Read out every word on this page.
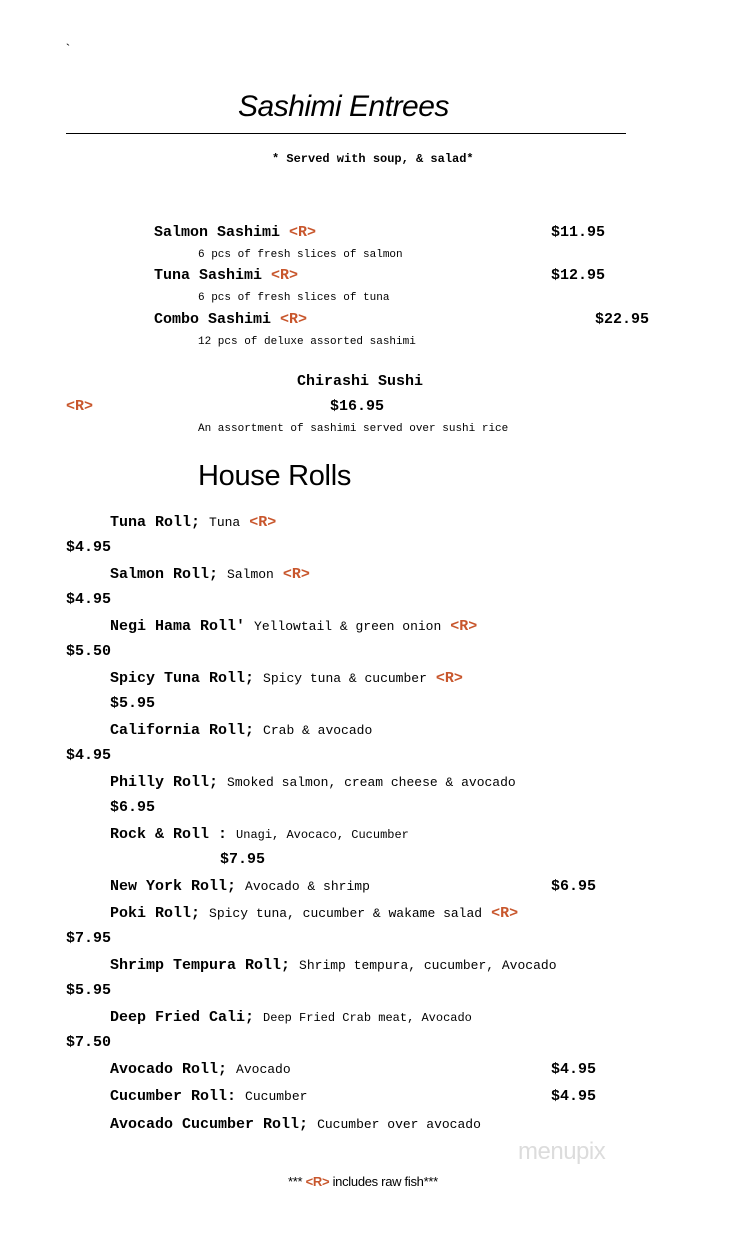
`
Sashimi Entrees
* Served with soup, & salad*
Salmon Sashimi <R>	$11.95
6 pcs of fresh slices of salmon
Tuna Sashimi <R>	$12.95
6 pcs of fresh slices of tuna
Combo Sashimi <R>	$22.95
12 pcs of deluxe assorted sashimi
Chirashi Sushi
<R>	$16.95
An assortment of sashimi served over sushi rice
House Rolls
Tuna Roll; Tuna <R>
$4.95
Salmon Roll; Salmon <R>
$4.95
Negi Hama Roll' Yellowtail & green onion <R>
$5.50
Spicy Tuna Roll; Spicy tuna & cucumber <R>
$5.95
California Roll; Crab & avocado
$4.95
Philly Roll; Smoked salmon, cream cheese & avocado
$6.95
Rock & Roll : Unagi, Avocaco, Cucumber
$7.95
New York Roll; Avocado & shrimp	$6.95
Poki Roll; Spicy tuna, cucumber & wakame salad <R>
$7.95
Shrimp Tempura Roll; Shrimp tempura, cucumber, Avocado
$5.95
Deep Fried Cali; Deep Fried Crab meat, Avocado
$7.50
Avocado Roll; Avocado	$4.95
Cucumber Roll: Cucumber	$4.95
Avocado Cucumber Roll; Cucumber over avocado
menupix
*** <R> includes raw fish***
